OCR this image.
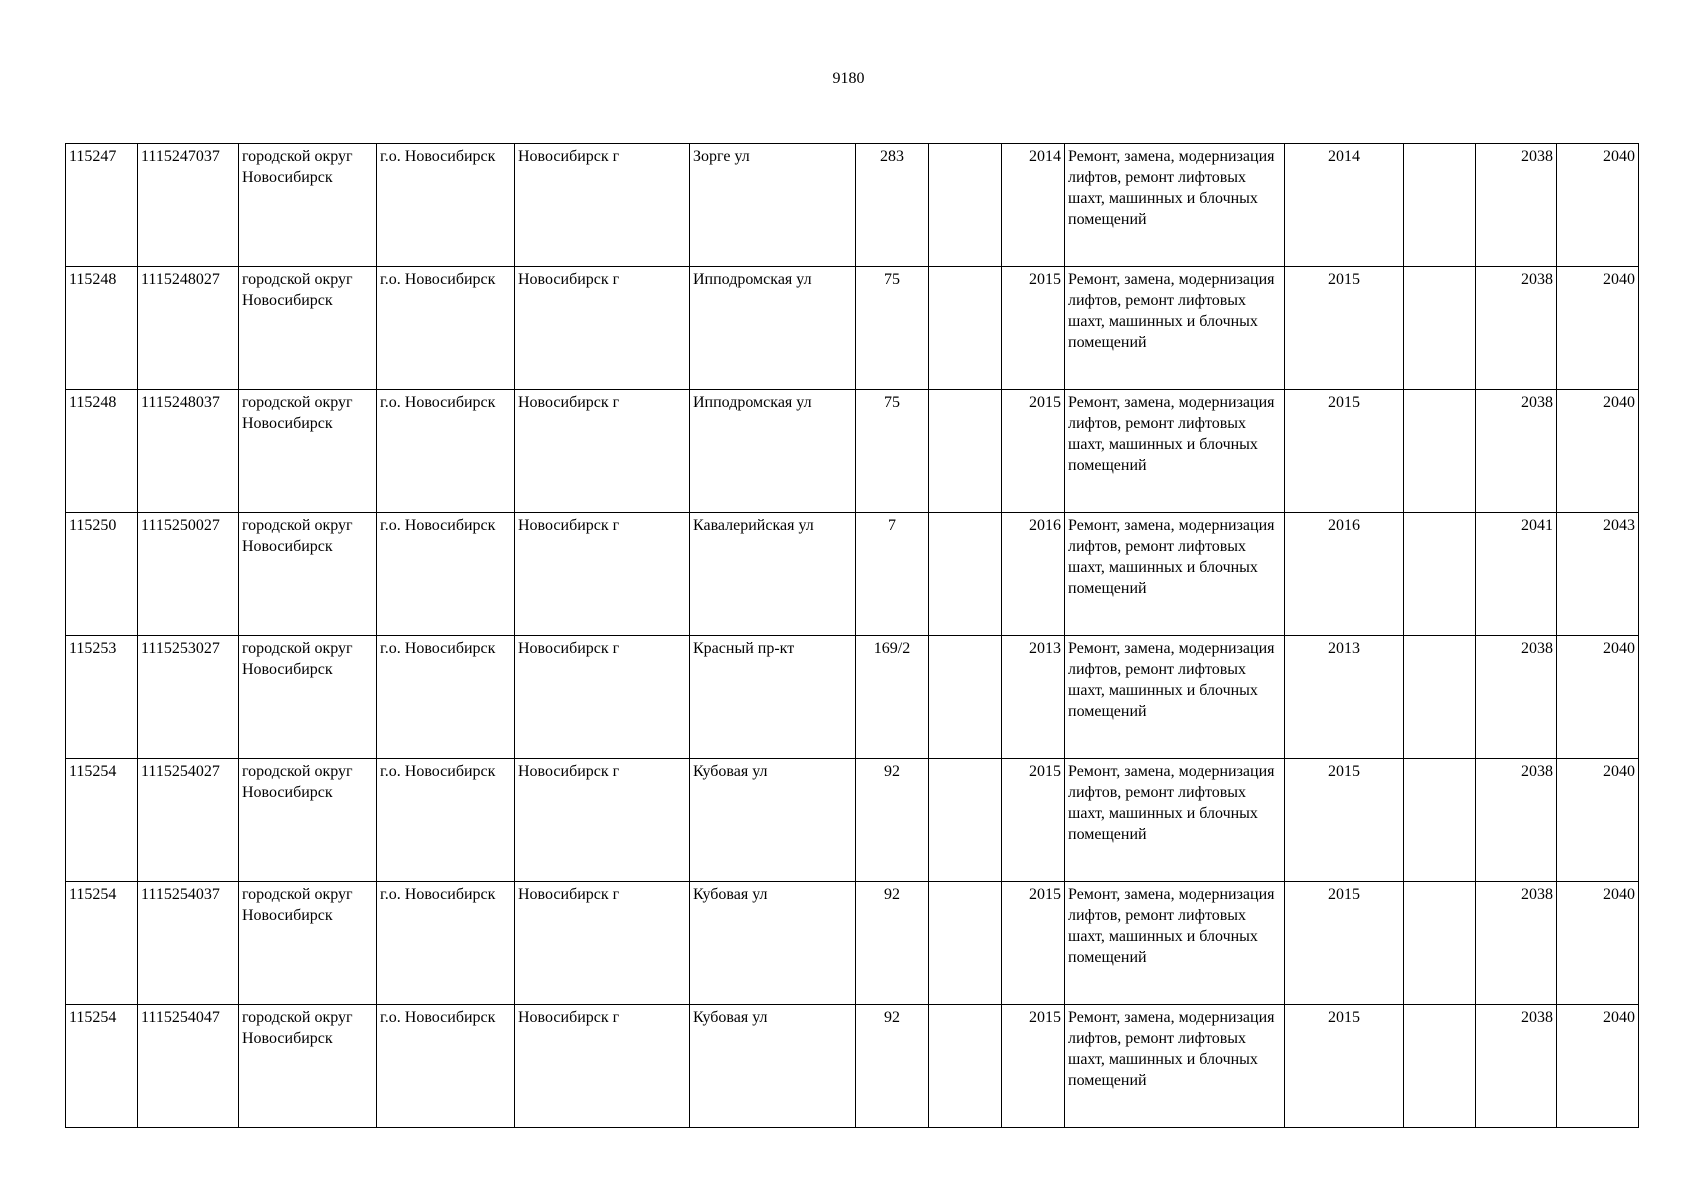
9180
115247	1115247037	городской округ Новосибирск	г.о. Новосибирск	Новосибирск г	Зорге ул	283		2014	Ремонт, замена, модернизация лифтов, ремонт лифтовых шахт, машинных и блочных помещений	2014		2038	2040
115248	1115248027	городской округ Новосибирск	г.о. Новосибирск	Новосибирск г	Ипподромская ул	75		2015	Ремонт, замена, модернизация лифтов, ремонт лифтовых шахт, машинных и блочных помещений	2015		2038	2040
115248	1115248037	городской округ Новосибирск	г.о. Новосибирск	Новосибирск г	Ипподромская ул	75		2015	Ремонт, замена, модернизация лифтов, ремонт лифтовых шахт, машинных и блочных помещений	2015		2038	2040
115250	1115250027	городской округ Новосибирск	г.о. Новосибирск	Новосибирск г	Кавалерийская ул	7		2016	Ремонт, замена, модернизация лифтов, ремонт лифтовых шахт, машинных и блочных помещений	2016		2041	2043
115253	1115253027	городской округ Новосибирск	г.о. Новосибирск	Новосибирск г	Красный пр-кт	169/2		2013	Ремонт, замена, модернизация лифтов, ремонт лифтовых шахт, машинных и блочных помещений	2013		2038	2040
115254	1115254027	городской округ Новосибирск	г.о. Новосибирск	Новосибирск г	Кубовая ул	92		2015	Ремонт, замена, модернизация лифтов, ремонт лифтовых шахт, машинных и блочных помещений	2015		2038	2040
115254	1115254037	городской округ Новосибирск	г.о. Новосибирск	Новосибирск г	Кубовая ул	92		2015	Ремонт, замена, модернизация лифтов, ремонт лифтовых шахт, машинных и блочных помещений	2015		2038	2040
115254	1115254047	городской округ Новосибирск	г.о. Новосибирск	Новосибирск г	Кубовая ул	92		2015	Ремонт, замена, модернизация лифтов, ремонт лифтовых шахт, машинных и блочных помещений	2015		2038	2040
